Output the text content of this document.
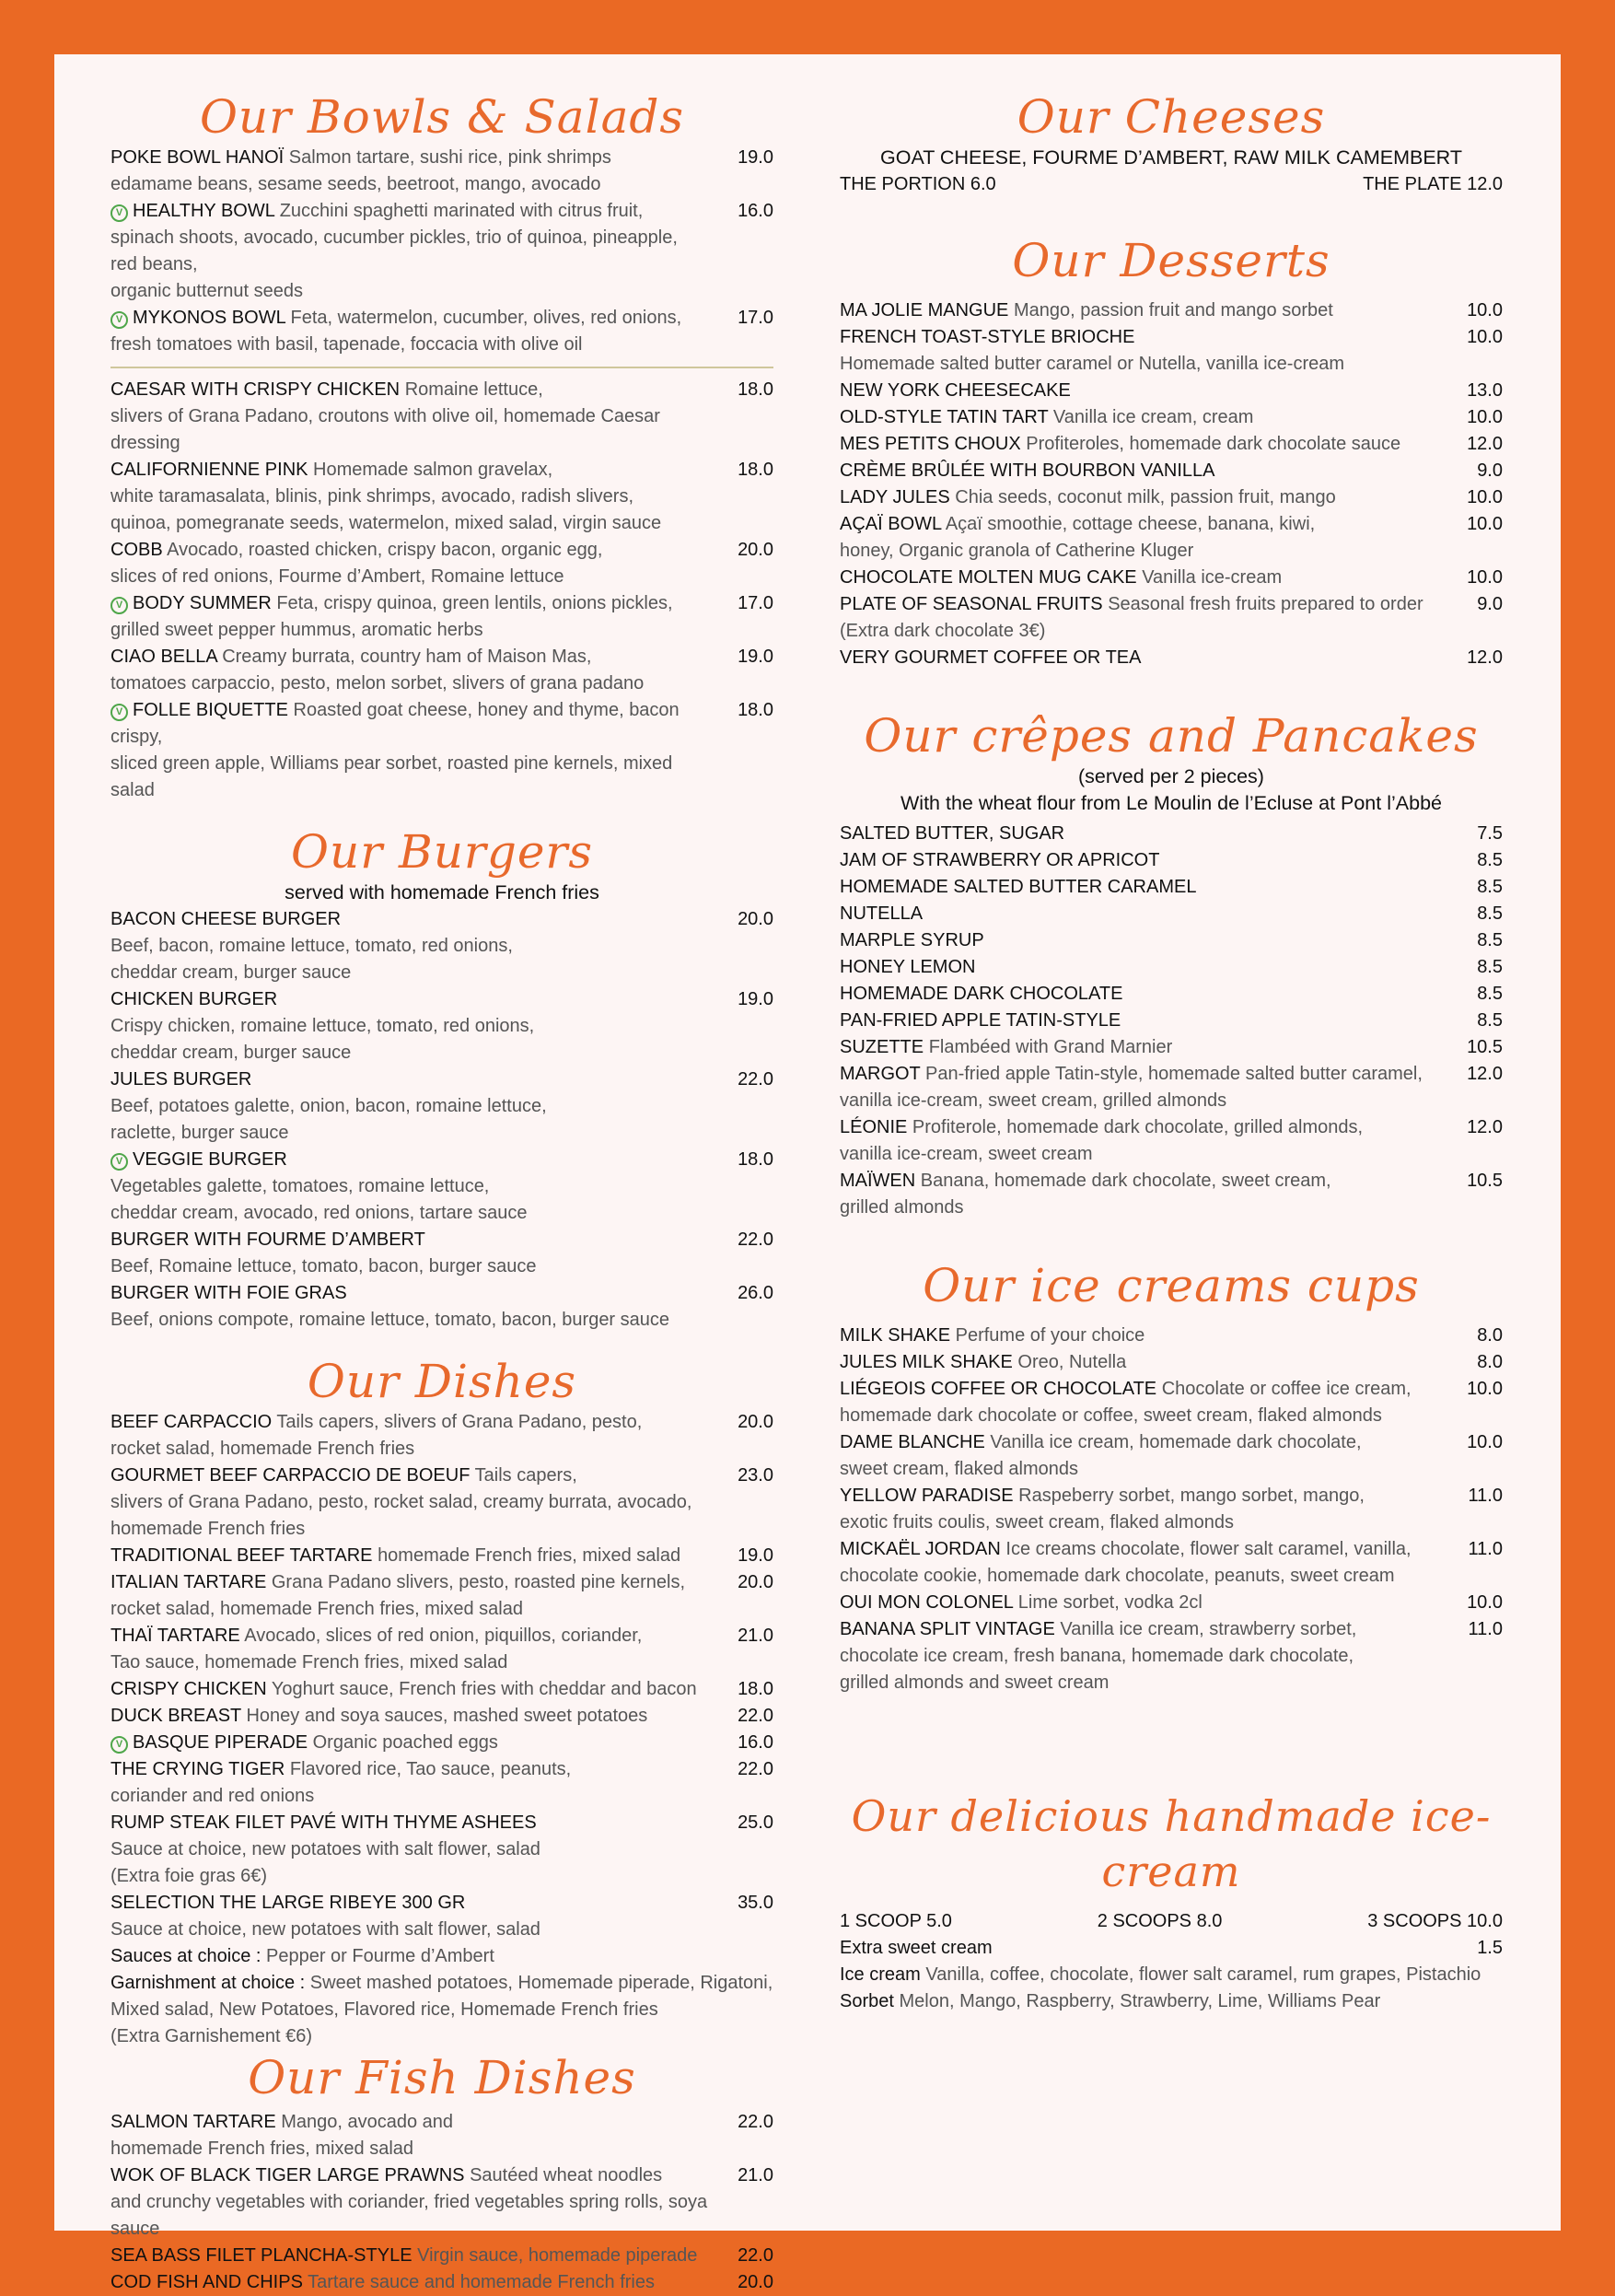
Our Bowls & Salads
POKE BOWL HANOÏ Salmon tartare, sushi rice, pink shrimps
edamame beans, sesame seeds, beetroot, mango, avocado
19.0
V HEALTHY BOWL Zucchini spaghetti marinated with citrus fruit,
spinach shoots, avocado, cucumber pickles, trio of quinoa, pineapple, red beans,
organic butternut seeds
16.0
V MYKONOS BOWL Feta, watermelon, cucumber, olives, red onions,
fresh tomatoes with basil, tapenade, foccacia with olive oil
17.0
CAESAR WITH CRISPY CHICKEN Romaine lettuce,
slivers of Grana Padano, croutons with olive oil, homemade Caesar dressing
18.0
CALIFORNIENNE PINK Homemade salmon gravelax,
white taramasalata, blinis, pink shrimps, avocado, radish slivers,
quinoa, pomegranate seeds, watermelon, mixed salad, virgin sauce
18.0
COBB Avocado, roasted chicken, crispy bacon, organic egg,
slices of red onions, Fourme d’Ambert, Romaine lettuce
20.0
V BODY SUMMER Feta, crispy quinoa, green lentils, onions pickles,
grilled sweet pepper hummus, aromatic herbs
17.0
CIAO BELLA Creamy burrata, country ham of Maison Mas,
tomatoes carpaccio, pesto, melon sorbet, slivers of grana padano
19.0
V FOLLE BIQUETTE Roasted goat cheese, honey and thyme, bacon crispy,
sliced green apple, Williams pear sorbet, roasted pine kernels, mixed salad
18.0
Our Burgers
served with homemade French fries
BACON CHEESE BURGER
Beef, bacon, romaine lettuce, tomato, red onions,
cheddar cream, burger sauce
20.0
CHICKEN BURGER
Crispy chicken, romaine lettuce, tomato, red onions,
cheddar cream, burger sauce
19.0
JULES BURGER
Beef, potatoes galette, onion, bacon, romaine lettuce,
raclette, burger sauce
22.0
V VEGGIE BURGER
Vegetables galette, tomatoes, romaine lettuce,
cheddar cream, avocado, red onions, tartare sauce
18.0
BURGER WITH FOURME D’AMBERT
Beef, Romaine lettuce, tomato, bacon, burger sauce
22.0
BURGER WITH FOIE GRAS
Beef, onions compote, romaine lettuce, tomato, bacon, burger sauce
26.0
Our Dishes
BEEF CARPACCIO Tails capers, slivers of Grana Padano, pesto,
rocket salad, homemade French fries
20.0
GOURMET BEEF CARPACCIO DE BOEUF Tails capers,
slivers of Grana Padano, pesto, rocket salad, creamy burrata, avocado,
homemade French fries
23.0
TRADITIONAL BEEF TARTARE homemade French fries, mixed salad	19.0
ITALIAN TARTARE Grana Padano slivers, pesto, roasted pine kernels,
rocket salad, homemade French fries, mixed salad
20.0
THAÏ TARTARE Avocado, slices of red onion, piquillos, coriander,
Tao sauce, homemade French fries, mixed salad
21.0
CRISPY CHICKEN Yoghurt sauce, French fries with cheddar and bacon	18.0
DUCK BREAST Honey and soya sauces, mashed sweet potatoes	22.0
V BASQUE PIPERADE Organic poached eggs	16.0
THE CRYING TIGER Flavored rice, Tao sauce, peanuts,
coriander and red onions
22.0
RUMP STEAK FILET PAVÉ WITH THYME ASHEES
Sauce at choice, new potatoes with salt flower, salad
(Extra foie gras 6€)
25.0
SELECTION THE LARGE RIBEYE 300 GR
Sauce at choice, new potatoes with salt flower, salad
35.0
Sauces at choice : Pepper or Fourme d’Ambert
Garnishment at choice : Sweet mashed potatoes, Homemade piperade, Rigatoni,
Mixed salad, New Potatoes, Flavored rice, Homemade French fries
(Extra Garnishement €6)
Our Fish Dishes
SALMON TARTARE Mango, avocado and
homemade French fries, mixed salad
22.0
WOK OF BLACK TIGER LARGE PRAWNS Sautéed wheat noodles
and crunchy vegetables with coriander, fried vegetables spring rolls, soya sauce
21.0
SEA BASS FILET PLANCHA-STYLE Virgin sauce, homemade piperade	22.0
COD FISH AND CHIPS Tartare sauce and homemade French fries	20.0
Our Cheeses
GOAT CHEESE, FOURME D’AMBERT, RAW MILK CAMEMBERT
THE PORTION 6.0	THE PLATE 12.0
Our Desserts
MA JOLIE MANGUE Mango, passion fruit and mango sorbet	10.0
FRENCH TOAST-STYLE BRIOCHE
Homemade salted butter caramel or Nutella, vanilla ice-cream
10.0
NEW YORK CHEESECAKE	13.0
OLD-STYLE TATIN TART Vanilla ice cream, cream	10.0
MES PETITS CHOUX Profiteroles, homemade dark chocolate sauce	12.0
CRÈME BRÛLÉE WITH BOURBON VANILLA	9.0
LADY JULES Chia seeds, coconut milk, passion fruit, mango	10.0
AÇAÏ BOWL Açaï smoothie, cottage cheese, banana, kiwi,
honey, Organic granola of Catherine Kluger
10.0
CHOCOLATE MOLTEN MUG CAKE Vanilla ice-cream	10.0
PLATE OF SEASONAL FRUITS Seasonal fresh fruits prepared to order
(Extra dark chocolate 3€)
9.0
VERY GOURMET COFFEE OR TEA	12.0
Our crêpes and Pancakes
(served per 2 pieces)
With the wheat flour from Le Moulin de l’Ecluse at Pont l’Abbé
SALTED BUTTER, SUGAR	7.5
JAM OF STRAWBERRY OR APRICOT	8.5
HOMEMADE SALTED BUTTER CARAMEL	8.5
NUTELLA	8.5
MARPLE SYRUP	8.5
HONEY LEMON	8.5
HOMEMADE DARK CHOCOLATE	8.5
PAN-FRIED APPLE TATIN-STYLE	8.5
SUZETTE Flambéed with Grand Marnier	10.5
MARGOT Pan-fried apple Tatin-style, homemade salted butter caramel,
vanilla ice-cream, sweet cream, grilled almonds
12.0
LÉONIE Profiterole, homemade dark chocolate, grilled almonds,
vanilla ice-cream, sweet cream
12.0
MAÏWEN Banana, homemade dark chocolate, sweet cream,
grilled almonds
10.5
Our ice creams cups
MILK SHAKE Perfume of your choice	8.0
JULES MILK SHAKE Oreo, Nutella	8.0
LIÉGEOIS COFFEE OR CHOCOLATE Chocolate or coffee ice cream,
homemade dark chocolate or coffee, sweet cream, flaked almonds
10.0
DAME BLANCHE Vanilla ice cream, homemade dark chocolate,
sweet cream, flaked almonds
10.0
YELLOW PARADISE Raspeberry sorbet, mango sorbet, mango,
exotic fruits coulis, sweet cream, flaked almonds
11.0
MICKAËL JORDAN Ice creams chocolate, flower salt caramel, vanilla,
chocolate cookie, homemade dark chocolate, peanuts, sweet cream
11.0
OUI MON COLONEL Lime sorbet, vodka 2cl	10.0
BANANA SPLIT VINTAGE Vanilla ice cream, strawberry sorbet,
chocolate ice cream, fresh banana, homemade dark chocolate,
grilled almonds and sweet cream
11.0
Our delicious handmade ice-cream
1 SCOOP 5.0	2 SCOOPS 8.0	3 SCOOPS 10.0
Extra sweet cream	1.5
Ice cream Vanilla, coffee, chocolate, flower salt caramel, rum grapes, Pistachio
Sorbet Melon, Mango, Raspberry, Strawberry, Lime, Williams Pear
